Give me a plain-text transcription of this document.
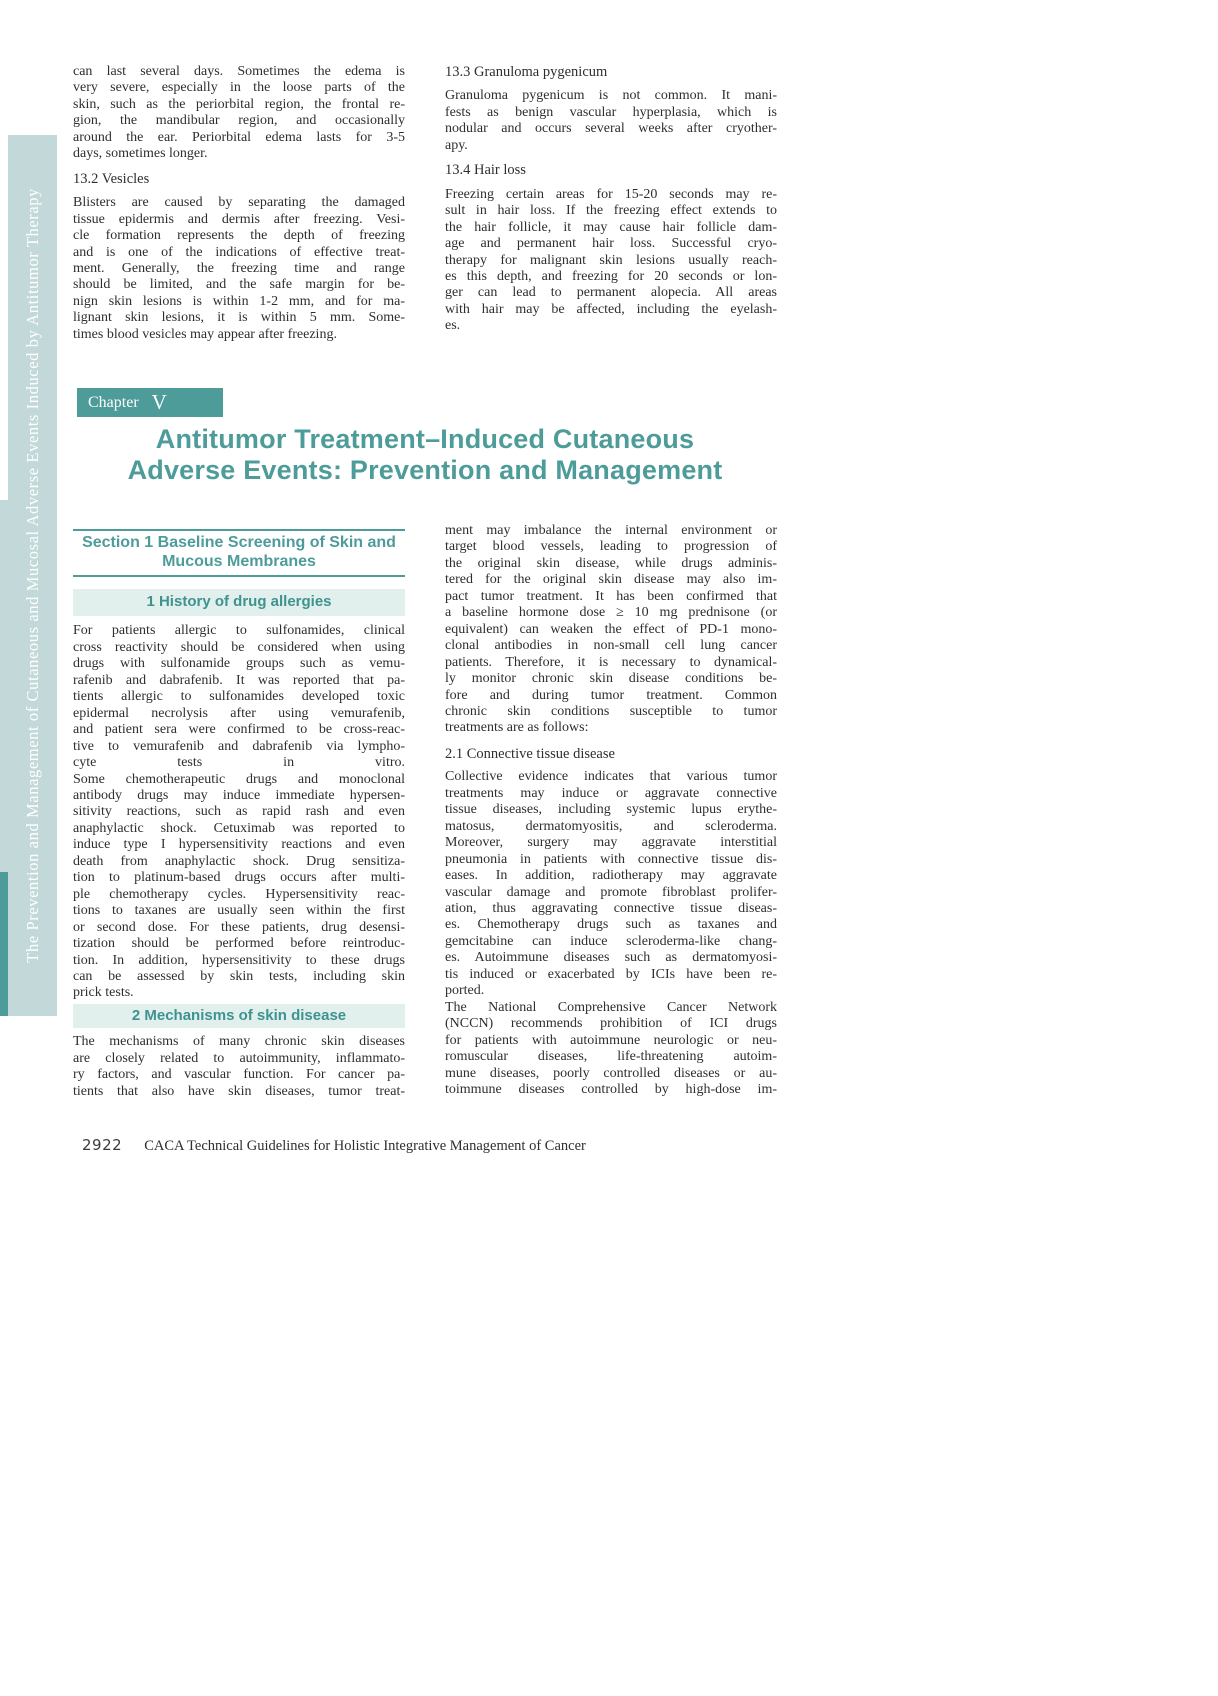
The Prevention and Management of Cutaneous and Mucosal Adverse Events Induced by Antitumor Therapy
can last several days. Sometimes the edema is
very severe, especially in the loose parts of the
skin, such as the periorbital region, the frontal re-
gion, the mandibular region, and occasionally
around the ear. Periorbital edema lasts for 3-5
days, sometimes longer.
13.2 Vesicles
Blisters are caused by separating the damaged
tissue epidermis and dermis after freezing. Vesi-
cle formation represents the depth of freezing
and is one of the indications of effective treat-
ment. Generally, the freezing time and range
should be limited, and the safe margin for be-
nign skin lesions is within 1-2 mm, and for ma-
lignant skin lesions, it is within 5 mm. Some-
times blood vesicles may appear after freezing.
13.3 Granuloma pygenicum
Granuloma pygenicum is not common. It mani-
fests as benign vascular hyperplasia, which is
nodular and occurs several weeks after cryother-
apy.
13.4 Hair loss
Freezing certain areas for 15-20 seconds may re-
sult in hair loss. If the freezing effect extends to
the hair follicle, it may cause hair follicle dam-
age and permanent hair loss. Successful cryo-
therapy for malignant skin lesions usually reach-
es this depth, and freezing for 20 seconds or lon-
ger can lead to permanent alopecia. All areas
with hair may be affected, including the eyelash-
es.
Chapter V
Antitumor Treatment–Induced Cutaneous
Adverse Events: Prevention and Management
Section 1 Baseline Screening of Skin and
Mucous Membranes
1 History of drug allergies
For patients allergic to sulfonamides, clinical
cross reactivity should be considered when using
drugs with sulfonamide groups such as vemu-
rafenib and dabrafenib. It was reported that pa-
tients allergic to sulfonamides developed toxic
epidermal necrolysis after using vemurafenib,
and patient sera were confirmed to be cross-reac-
tive to vemurafenib and dabrafenib via lympho-
cyte tests in vitro.
Some chemotherapeutic drugs and monoclonal
antibody drugs may induce immediate hypersen-
sitivity reactions, such as rapid rash and even
anaphylactic shock. Cetuximab was reported to
induce type I hypersensitivity reactions and even
death from anaphylactic shock. Drug sensitiza-
tion to platinum-based drugs occurs after multi-
ple chemotherapy cycles. Hypersensitivity reac-
tions to taxanes are usually seen within the first
or second dose. For these patients, drug desensi-
tization should be performed before reintroduc-
tion. In addition, hypersensitivity to these drugs
can be assessed by skin tests, including skin
prick tests.
2 Mechanisms of skin disease
The mechanisms of many chronic skin diseases
are closely related to autoimmunity, inflammato-
ry factors, and vascular function. For cancer pa-
tients that also have skin diseases, tumor treat-
ment may imbalance the internal environment or
target blood vessels, leading to progression of
the original skin disease, while drugs adminis-
tered for the original skin disease may also im-
pact tumor treatment. It has been confirmed that
a baseline hormone dose ≥ 10 mg prednisone (or
equivalent) can weaken the effect of PD-1 mono-
clonal antibodies in non-small cell lung cancer
patients. Therefore, it is necessary to dynamical-
ly monitor chronic skin disease conditions be-
fore and during tumor treatment. Common
chronic skin conditions susceptible to tumor
treatments are as follows:
2.1 Connective tissue disease
Collective evidence indicates that various tumor
treatments may induce or aggravate connective
tissue diseases, including systemic lupus erythe-
matosus, dermatomyositis, and scleroderma.
Moreover, surgery may aggravate interstitial
pneumonia in patients with connective tissue dis-
eases. In addition, radiotherapy may aggravate
vascular damage and promote fibroblast prolifer-
ation, thus aggravating connective tissue diseas-
es. Chemotherapy drugs such as taxanes and
gemcitabine can induce scleroderma-like chang-
es. Autoimmune diseases such as dermatomyosi-
tis induced or exacerbated by ICIs have been re-
ported.
The National Comprehensive Cancer Network
(NCCN) recommends prohibition of ICI drugs
for patients with autoimmune neurologic or neu-
romuscular diseases, life-threatening autoim-
mune diseases, poorly controlled diseases or au-
toimmune diseases controlled by high-dose im-
2922 CACA Technical Guidelines for Holistic Integrative Management of Cancer
